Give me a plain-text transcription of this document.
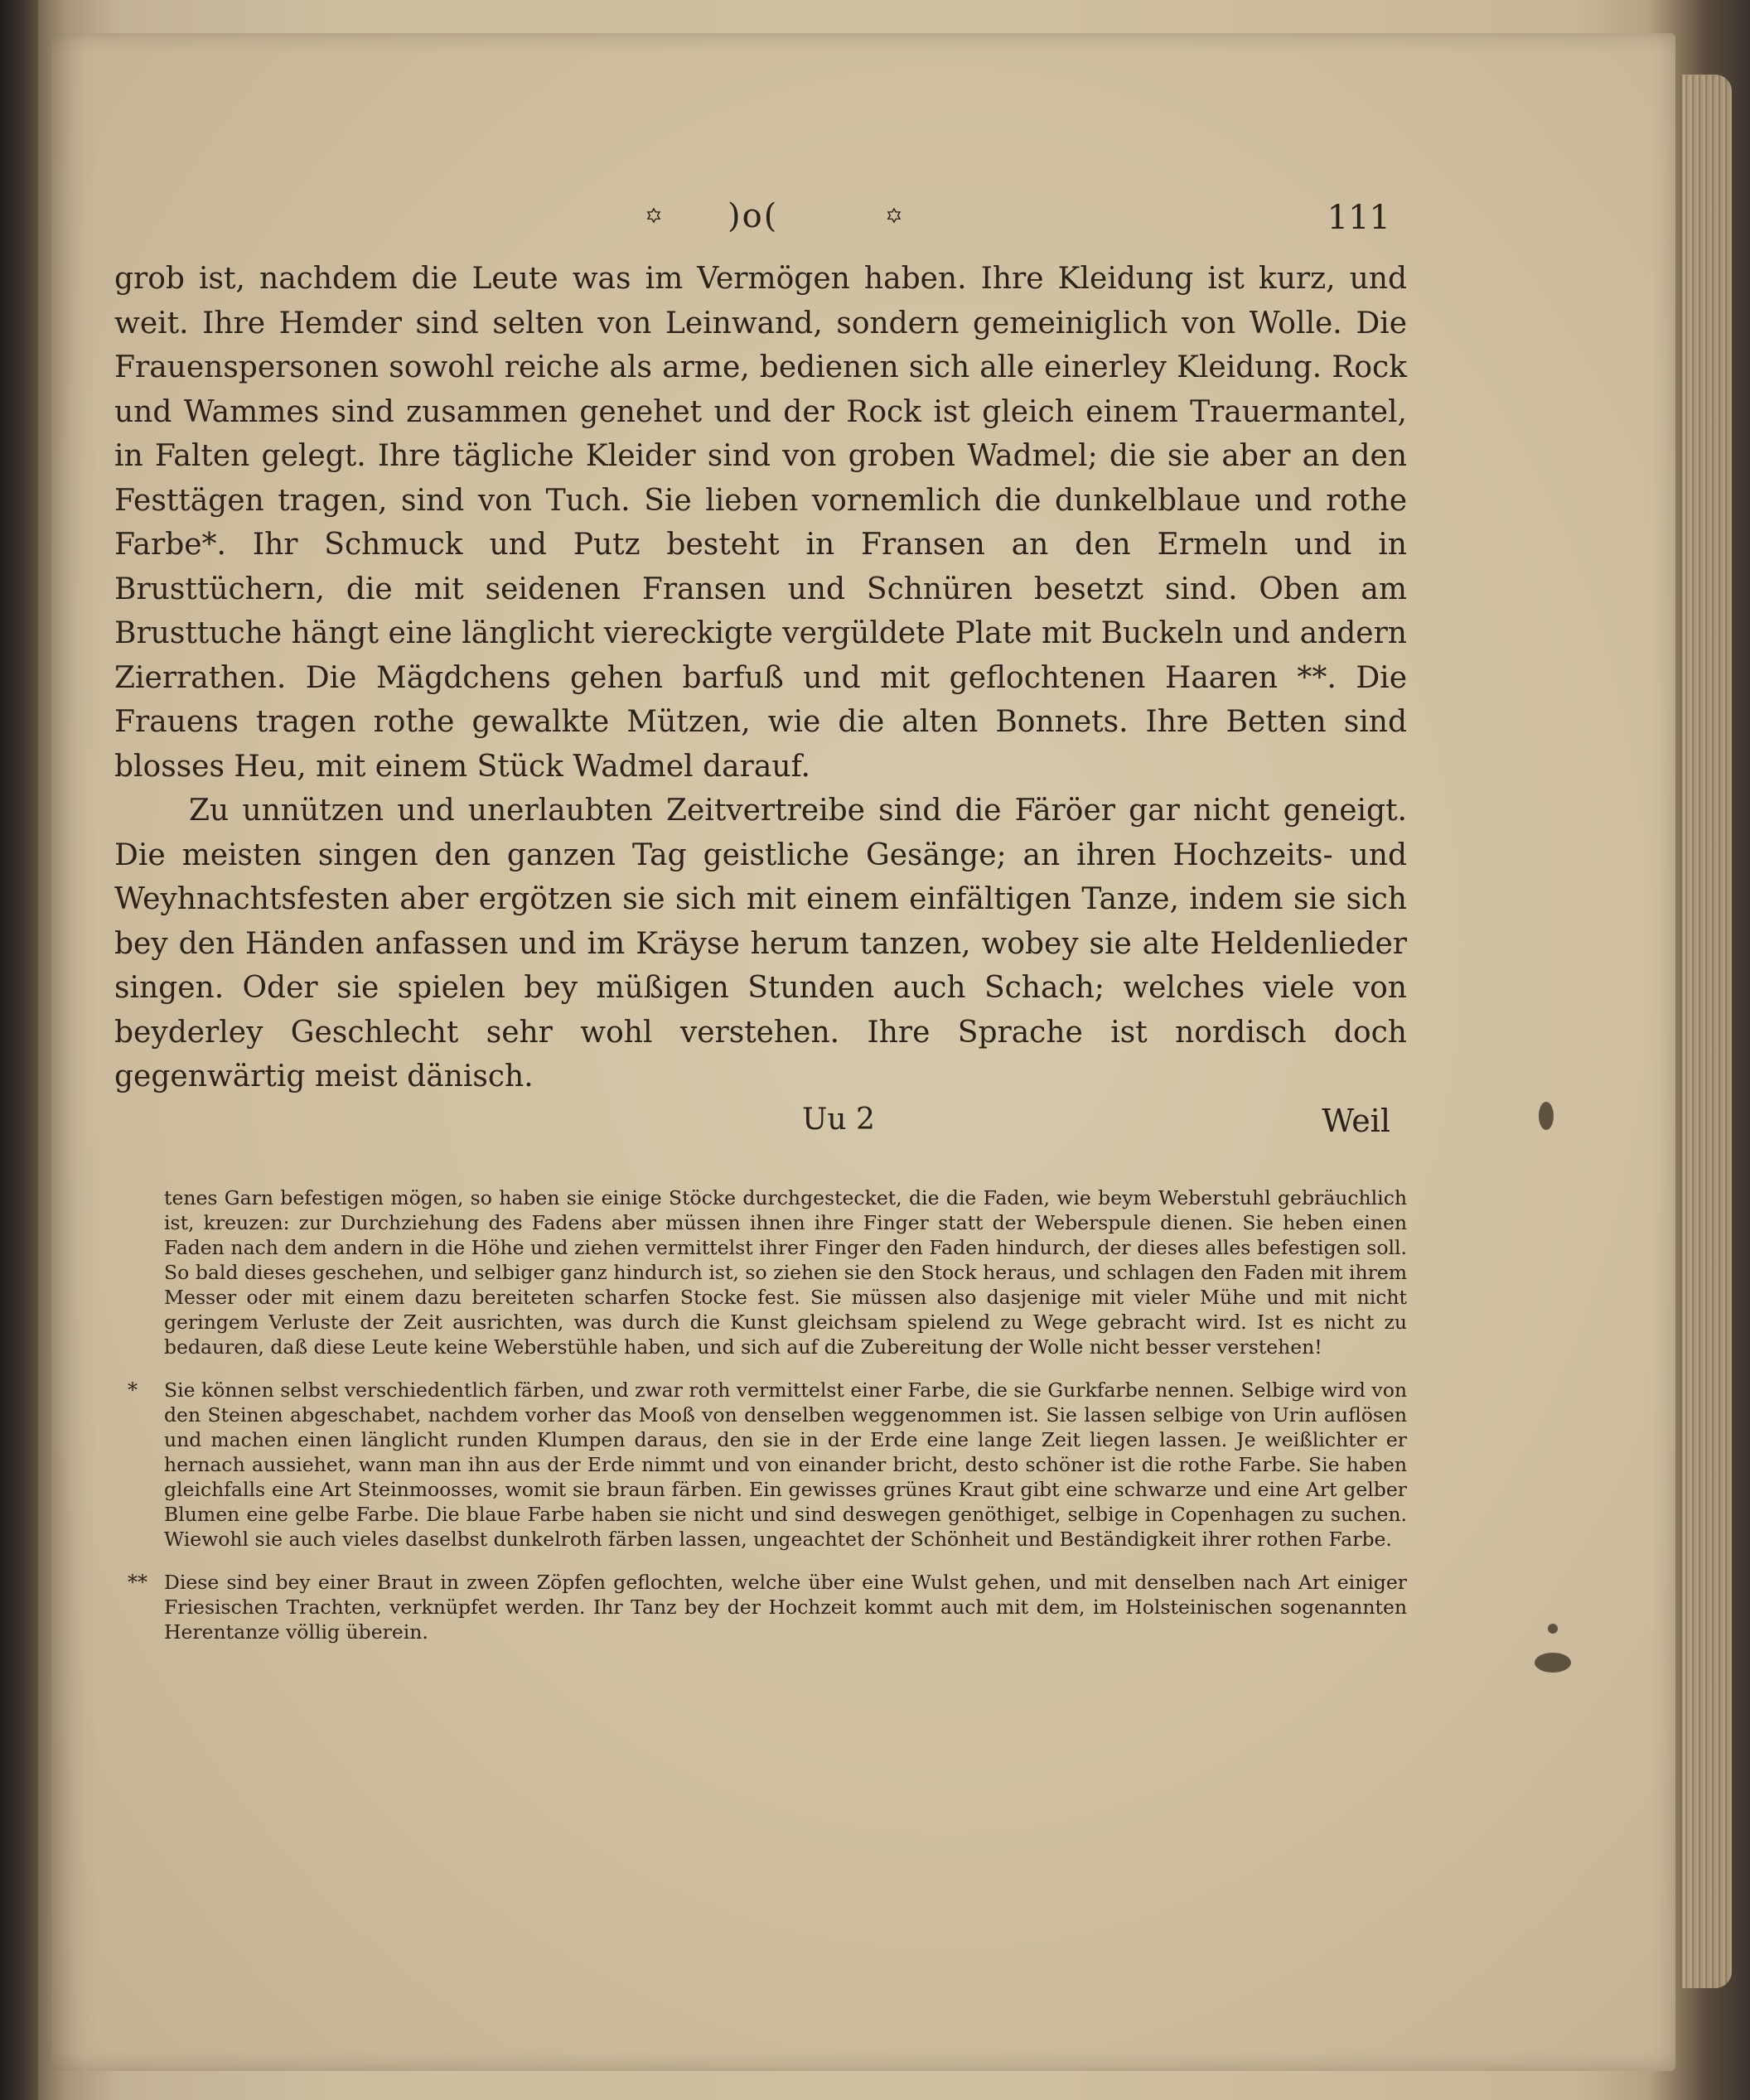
꙳ )o(	꙳	111

grob ist, nachdem die Leute was im Vermögen haben. Ihre Kleidung ist kurz, und weit. Ihre Hemder sind selten von Leinwand, sondern gemeiniglich von Wolle. Die Frauenspersonen sowohl reiche als arme, bedienen sich alle einerley Kleidung. Rock und Wammes sind zusammen genehet und der Rock ist gleich einem Trauermantel, in Falten gelegt. Ihre tägliche Kleider sind von groben Wadmel; die sie aber an den Festtägen tragen, sind von Tuch. Sie lieben vornemlich die dunkelblaue und rothe Farbe*. Ihr Schmuck und Putz besteht in Fransen an den Ermeln und in Brusttüchern, die mit seidenen Fransen und Schnüren besetzt sind. Oben am Brusttuche hängt eine länglicht viereckigte vergüldete Plate mit Buckeln und andern Zierrathen. Die Mägdchens gehen barfuß und mit geflochtenen Haaren **. Die Frauens tragen rothe gewalkte Mützen, wie die alten Bonnets. Ihre Betten sind blosses Heu, mit einem Stück Wadmel darauf.

Zu unnützen und unerlaubten Zeitvertreibe sind die Färöer gar nicht geneigt. Die meisten singen den ganzen Tag geistliche Gesänge; an ihren Hochzeits- und Weyhnachtsfesten aber ergötzen sie sich mit einem einfältigen Tanze, indem sie sich bey den Händen anfassen und im Kräyse herum tanzen, wobey sie alte Heldenlieder singen. Oder sie spielen bey müßigen Stunden auch Schach; welches viele von beyderley Geschlecht sehr wohl verstehen. Ihre Sprache ist nordisch doch gegenwärtig meist dänisch.

Uu 2	Weil

tenes Garn befestigen mögen, so haben sie einige Stöcke durchgestecket, die die Faden, wie beym Weberstuhl gebräuchlich ist, kreuzen: zur Durchziehung des Fadens aber müssen ihnen ihre Finger statt der Weberspule dienen. Sie heben einen Faden nach dem andern in die Höhe und ziehen vermittelst ihrer Finger den Faden hindurch, der dieses alles befestigen soll. So bald dieses geschehen, und selbiger ganz hindurch ist, so ziehen sie den Stock heraus, und schlagen den Faden mit ihrem Messer oder mit einem dazu bereiteten scharfen Stocke fest. Sie müssen also dasjenige mit vieler Mühe und mit nicht geringem Verluste der Zeit ausrichten, was durch die Kunst gleichsam spielend zu Wege gebracht wird. Ist es nicht zu bedauren, daß diese Leute keine Weberstühle haben, und sich auf die Zubereitung der Wolle nicht besser verstehen!

* Sie können selbst verschiedentlich färben, und zwar roth vermittelst einer Farbe, die sie Gurkfarbe nennen. Selbige wird von den Steinen abgeschabet, nachdem vorher das Mooß von denselben weggenommen ist. Sie lassen selbige von Urin auflösen und machen einen länglicht runden Klumpen daraus, den sie in der Erde eine lange Zeit liegen lassen. Je weißlichter er hernach aussiehet, wann man ihn aus der Erde nimmt und von einander bricht, desto schöner ist die rothe Farbe. Sie haben gleichfalls eine Art Steinmoosses, womit sie braun färben. Ein gewisses grünes Kraut gibt eine schwarze und eine Art gelber Blumen eine gelbe Farbe. Die blaue Farbe haben sie nicht und sind deswegen genöthiget, selbige in Copenhagen zu suchen. Wiewohl sie auch vieles daselbst dunkelroth färben lassen, ungeachtet der Schönheit und Beständigkeit ihrer rothen Farbe.

** Diese sind bey einer Braut in zween Zöpfen geflochten, welche über eine Wulst gehen, und mit denselben nach Art einiger Friesischen Trachten, verknüpfet werden. Ihr Tanz bey der Hochzeit kommt auch mit dem, im Holsteinischen sogenannten Herentanze völlig überein.
